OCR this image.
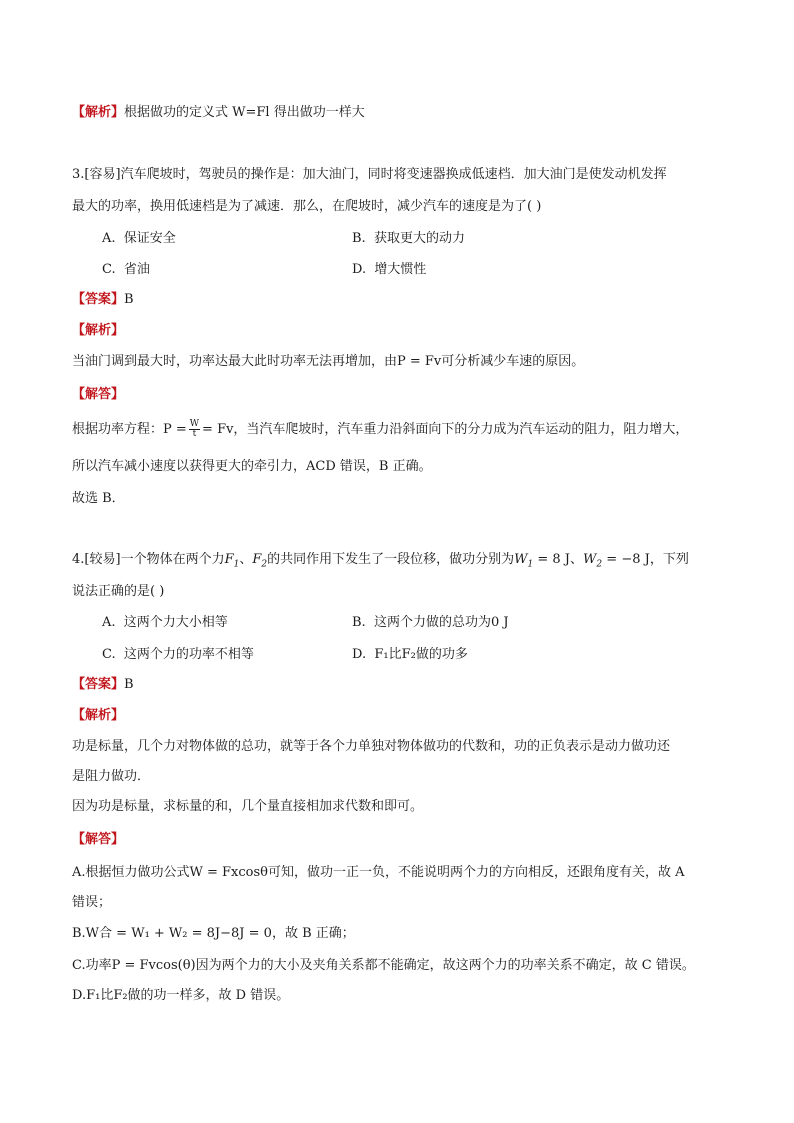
【解析】根据做功的定义式 W=Fl 得出做功一样大
3.[容易]汽车爬坡时，驾驶员的操作是：加大油门，同时将变速器换成低速档．加大油门是使发动机发挥
最大的功率，换用低速档是为了减速．那么，在爬坡时，减少汽车的速度是为了( )
A. 保证安全	B. 获取更大的动力
C. 省油	D. 增大惯性
【答案】B
【解析】
当油门调到最大时，功率达最大此时功率无法再增加，由P = Fv可分析减少车速的原因。
【解答】
根据功率方程：$P = \frac{W}{t} = Fv$，当汽车爬坡时，汽车重力沿斜面向下的分力成为汽车运动的阻力，阻力增大，
所以汽车减小速度以获得更大的牵引力，ACD 错误，B 正确。
故选 B．
4.[较易]一个物体在两个力$F_1$、$F_2$的共同作用下发生了一段位移，做功分别为$W_1 = 8$ J、$W_2 = -8$ J，下列
说法正确的是( )
A. 这两个力大小相等	B. 这两个力做的总功为0 J
C. 这两个力的功率不相等	D. F₁比F₂做的功多
【答案】B
【解析】
功是标量，几个力对物体做的总功，就等于各个力单独对物体做功的代数和，功的正负表示是动力做功还
是阻力做功．
因为功是标量，求标量的和，几个量直接相加求代数和即可。
【解答】
A.根据恒力做功公式W = Fxcosθ可知，做功一正一负，不能说明两个力的方向相反，还跟角度有关，故 A
错误；
B.W合 = W₁ + W₂ = 8J−8J = 0，故 B 正确；
C.功率P = Fvcos(θ)因为两个力的大小及夹角关系都不能确定，故这两个力的功率关系不确定，故 C 错误。
D.F₁比F₂做的功一样多，故 D 错误。
